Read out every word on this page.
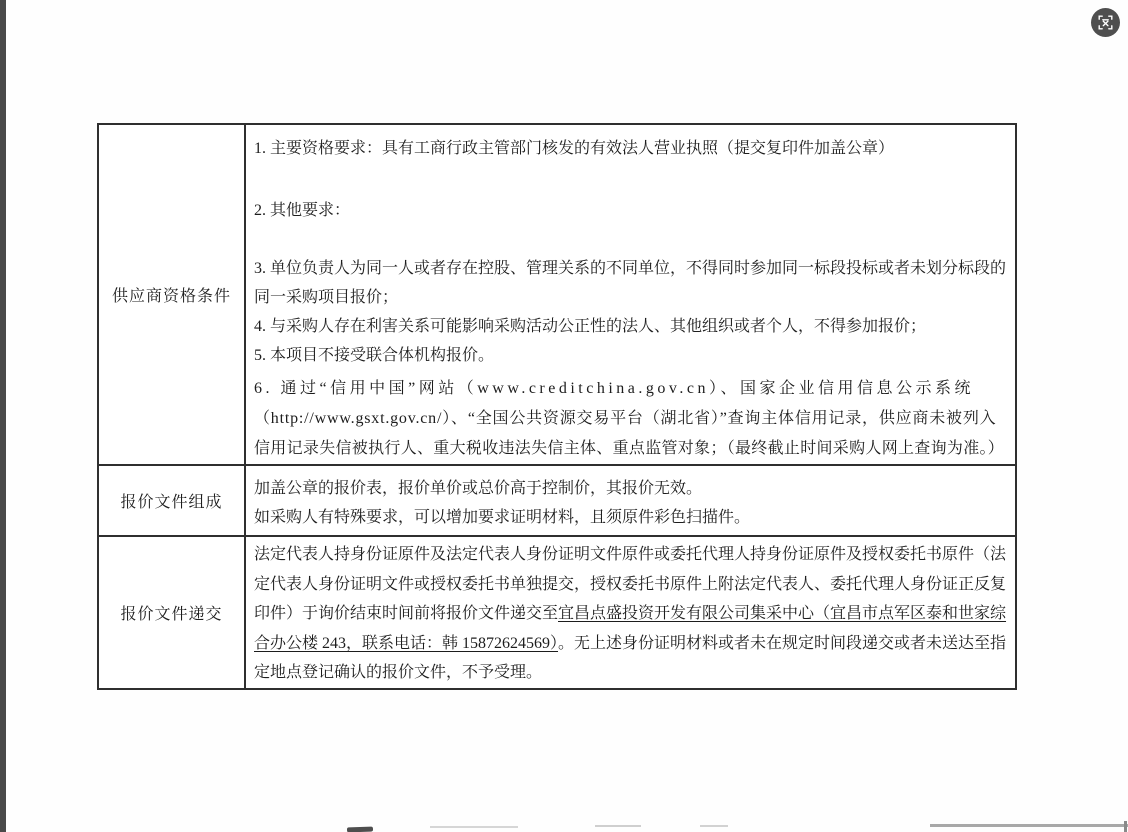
供应商资格条件
1. 主要资格要求：具有工商行政主管部门核发的有效法人营业执照（提交复印件加盖公章）
2. 其他要求：
3. 单位负责人为同一人或者存在控股、管理关系的不同单位，不得同时参加同一标段投标或者未划分标段的
同一采购项目报价；
4. 与采购人存在利害关系可能影响采购活动公正性的法人、其他组织或者个人，不得参加报价；
5. 本项目不接受联合体机构报价。
6. 通过“信用中国”网站（www.creditchina.gov.cn）、国家企业信用信息公示系统
（http://www.gsxt.gov.cn/）、“全国公共资源交易平台（湖北省）”查询主体信用记录，供应商未被列入
信用记录失信被执行人、重大税收违法失信主体、重点监管对象；（最终截止时间采购人网上查询为准。）
报价文件组成
加盖公章的报价表，报价单价或总价高于控制价，其报价无效。
如采购人有特殊要求，可以增加要求证明材料，且须原件彩色扫描件。
报价文件递交
法定代表人持身份证原件及法定代表人身份证明文件原件或委托代理人持身份证原件及授权委托书原件（法
定代表人身份证明文件或授权委托书单独提交，授权委托书原件上附法定代表人、委托代理人身份证正反复
印件）于询价结束时间前将报价文件递交至宜昌点盛投资开发有限公司集采中心（宜昌市点军区泰和世家综
合办公楼 243，联系电话：韩 15872624569）。无上述身份证明材料或者未在规定时间段递交或者未送达至指
定地点登记确认的报价文件，不予受理。
